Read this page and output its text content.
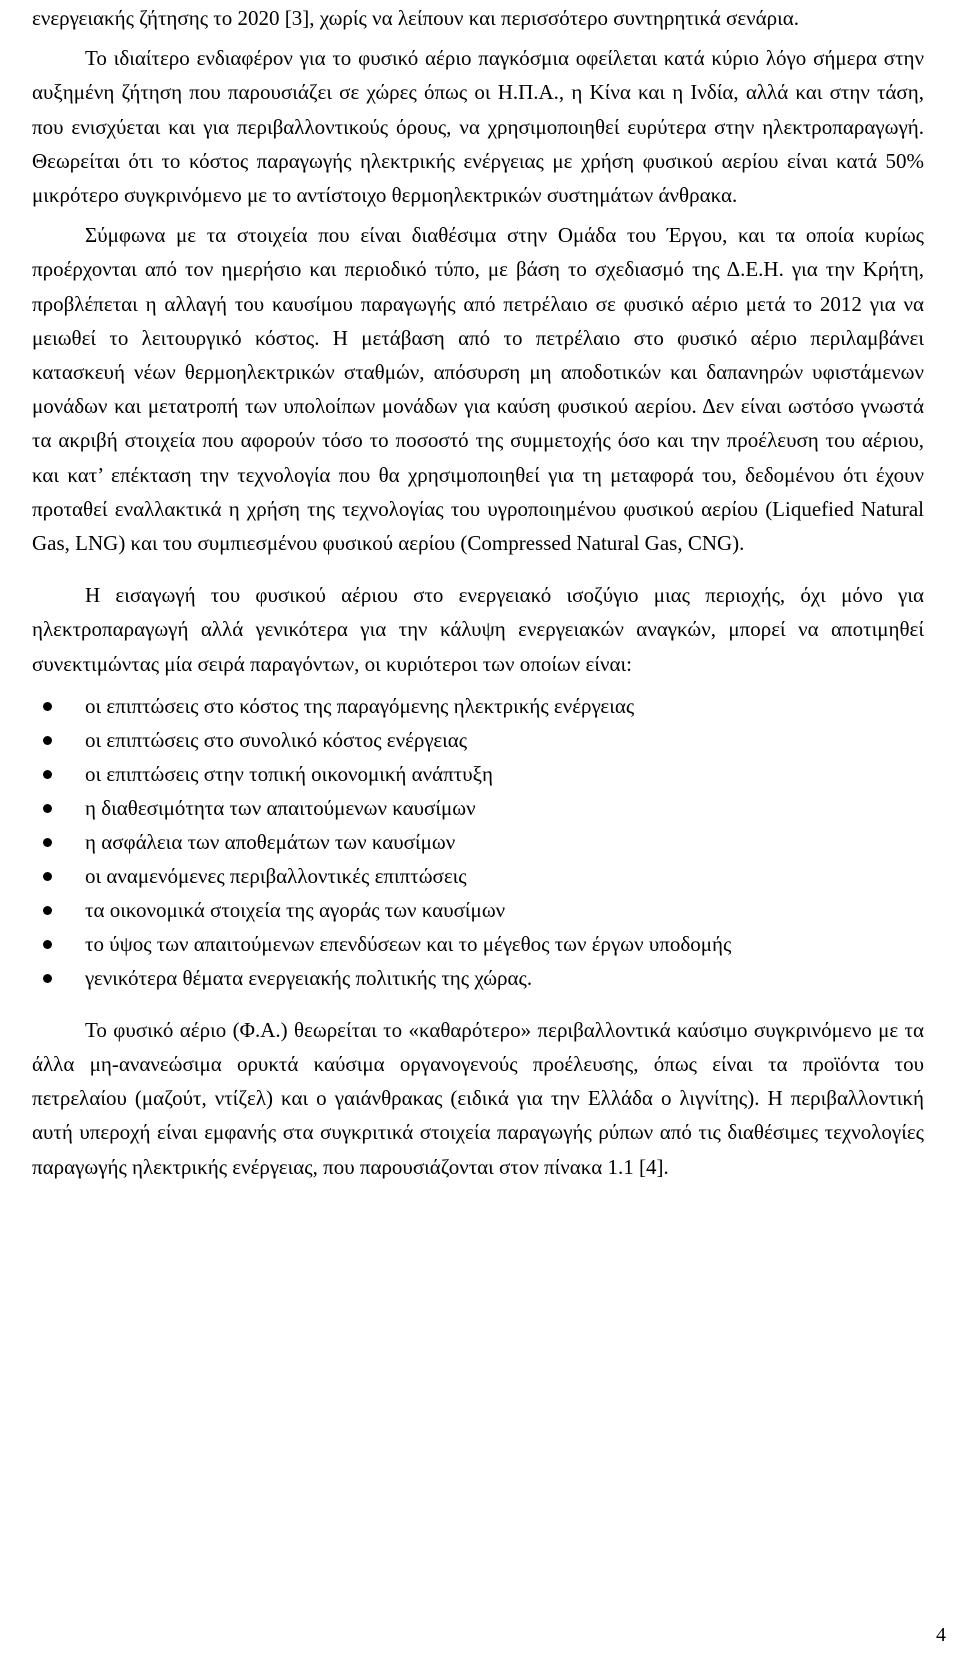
ενεργειακής ζήτησης το 2020 [3], χωρίς να λείπουν και περισσότερο συντηρητικά σενάρια.

Το ιδιαίτερο ενδιαφέρον για το φυσικό αέριο παγκόσμια οφείλεται κατά κύριο λόγο σήμερα στην αυξημένη ζήτηση που παρουσιάζει σε χώρες όπως οι Η.Π.Α., η Κίνα και η Ινδία, αλλά και στην τάση, που ενισχύεται και για περιβαλλοντικούς όρους, να χρησιμοποιηθεί ευρύτερα στην ηλεκτροπαραγωγή. Θεωρείται ότι το κόστος παραγωγής ηλεκτρικής ενέργειας με χρήση φυσικού αερίου είναι κατά 50% μικρότερο συγκρινόμενο με το αντίστοιχο θερμοηλεκτρικών συστημάτων άνθρακα.

Σύμφωνα με τα στοιχεία που είναι διαθέσιμα στην Ομάδα του Έργου, και τα οποία κυρίως προέρχονται από τον ημερήσιο και περιοδικό τύπο, με βάση το σχεδιασμό της Δ.Ε.Η. για την Κρήτη, προβλέπεται η αλλαγή του καυσίμου παραγωγής από πετρέλαιο σε φυσικό αέριο μετά το 2012 για να μειωθεί το λειτουργικό κόστος. Η μετάβαση από το πετρέλαιο στο φυσικό αέριο περιλαμβάνει κατασκευή νέων θερμοηλεκτρικών σταθμών, απόσυρση μη αποδοτικών και δαπανηρών υφιστάμενων μονάδων και μετατροπή των υπολοίπων μονάδων για καύση φυσικού αερίου. Δεν είναι ωστόσο γνωστά τα ακριβή στοιχεία που αφορούν τόσο το ποσοστό της συμμετοχής όσο και την προέλευση του αέριου, και κατ’ επέκταση την τεχνολογία που θα χρησιμοποιηθεί για τη μεταφορά του, δεδομένου ότι έχουν προταθεί εναλλακτικά η χρήση της τεχνολογίας του υγροποιημένου φυσικού αερίου (Liquefied Natural Gas, LNG) και του συμπιεσμένου φυσικού αερίου (Compressed Natural Gas, CNG).

Η εισαγωγή του φυσικού αέριου στο ενεργειακό ισοζύγιο μιας περιοχής, όχι μόνο για ηλεκτροπαραγωγή αλλά γενικότερα για την κάλυψη ενεργειακών αναγκών, μπορεί να αποτιμηθεί συνεκτιμώντας μία σειρά παραγόντων, οι κυριότεροι των οποίων είναι:

οι επιπτώσεις στο κόστος της παραγόμενης ηλεκτρικής ενέργειας
οι επιπτώσεις στο συνολικό κόστος ενέργειας
οι επιπτώσεις στην τοπική οικονομική ανάπτυξη
η διαθεσιμότητα των απαιτούμενων καυσίμων
η ασφάλεια των αποθεμάτων των καυσίμων
οι αναμενόμενες περιβαλλοντικές επιπτώσεις
τα οικονομικά στοιχεία της αγοράς των καυσίμων
το ύψος των απαιτούμενων επενδύσεων και το μέγεθος των έργων υποδομής
γενικότερα θέματα ενεργειακής πολιτικής της χώρας.

Το φυσικό αέριο (Φ.Α.) θεωρείται το «καθαρότερο» περιβαλλοντικά καύσιμο συγκρινόμενο με τα άλλα μη-ανανεώσιμα ορυκτά καύσιμα οργανογενούς προέλευσης, όπως είναι τα προϊόντα του πετρελαίου (μαζούτ, ντίζελ) και ο γαιάνθρακας (ειδικά για την Ελλάδα ο λιγνίτης). Η περιβαλλοντική αυτή υπεροχή είναι εμφανής στα συγκριτικά στοιχεία παραγωγής ρύπων από τις διαθέσιμες τεχνολογίες παραγωγής ηλεκτρικής ενέργειας, που παρουσιάζονται στον πίνακα 1.1 [4].

4
